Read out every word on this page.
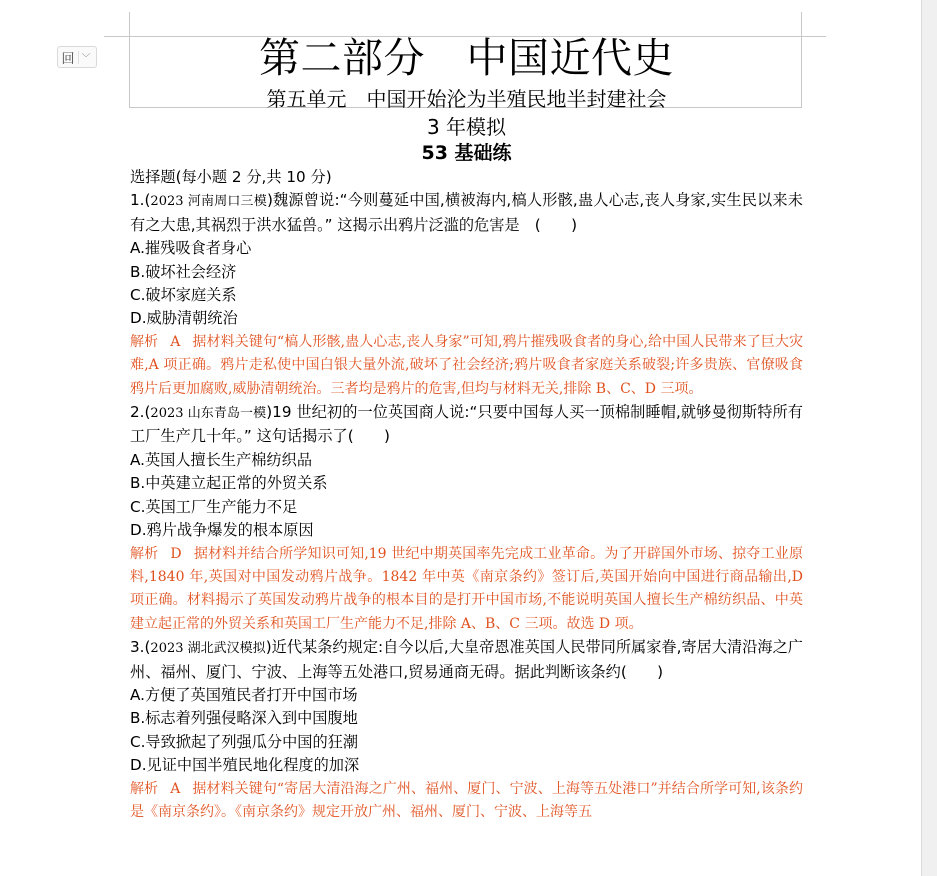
回 ﹀	第二部分　中国近代史
第五单元　中国开始沦为半殖民地半封建社会
3 年模拟
53 基础练
选择题(每小题 2 分,共 10 分)
1.(2023 河南周口三模)魏源曾说:“今则蔓延中国,横被海内,槁人形骸,蛊人心志,丧人身家,实生民以来未有之大患,其祸烈于洪水猛兽。” 这揭示出鸦片泛滥的危害是　(　　)
A.摧残吸食者身心
B.破坏社会经济
C.破坏家庭关系
D.威胁清朝统治
解析 A 据材料关键句“槁人形骸,蛊人心志,丧人身家”可知,鸦片摧残吸食者的身心,给中国人民带来了巨大灾难,A 项正确。鸦片走私使中国白银大量外流,破坏了社会经济;鸦片吸食者家庭关系破裂;许多贵族、官僚吸食鸦片后更加腐败,威胁清朝统治。三者均是鸦片的危害,但均与材料无关,排除 B、C、D 三项。
2.(2023 山东青岛一模)19 世纪初的一位英国商人说:“只要中国每人买一顶棉制睡帽,就够曼彻斯特所有工厂生产几十年。” 这句话揭示了(　　)
A.英国人擅长生产棉纺织品
B.中英建立起正常的外贸关系
C.英国工厂生产能力不足
D.鸦片战争爆发的根本原因
解析 D 据材料并结合所学知识可知,19 世纪中期英国率先完成工业革命。为了开辟国外市场、掠夺工业原料,1840 年,英国对中国发动鸦片战争。1842 年中英《南京条约》签订后,英国开始向中国进行商品输出,D 项正确。材料揭示了英国发动鸦片战争的根本目的是打开中国市场,不能说明英国人擅长生产棉纺织品、中英建立起正常的外贸关系和英国工厂生产能力不足,排除 A、B、C 三项。故选 D 项。
3.(2023 湖北武汉模拟)近代某条约规定:自今以后,大皇帝恩准英国人民带同所属家眷,寄居大清沿海之广州、福州、厦门、宁波、上海等五处港口,贸易通商无碍。据此判断该条约(　　)
A.方便了英国殖民者打开中国市场
B.标志着列强侵略深入到中国腹地
C.导致掀起了列强瓜分中国的狂潮
D.见证中国半殖民地化程度的加深
解析 A 据材料关键句“寄居大清沿海之广州、福州、厦门、宁波、上海等五处港口”并结合所学可知,该条约是《南京条约》。《南京条约》规定开放广州、福州、厦门、宁波、上海等五
